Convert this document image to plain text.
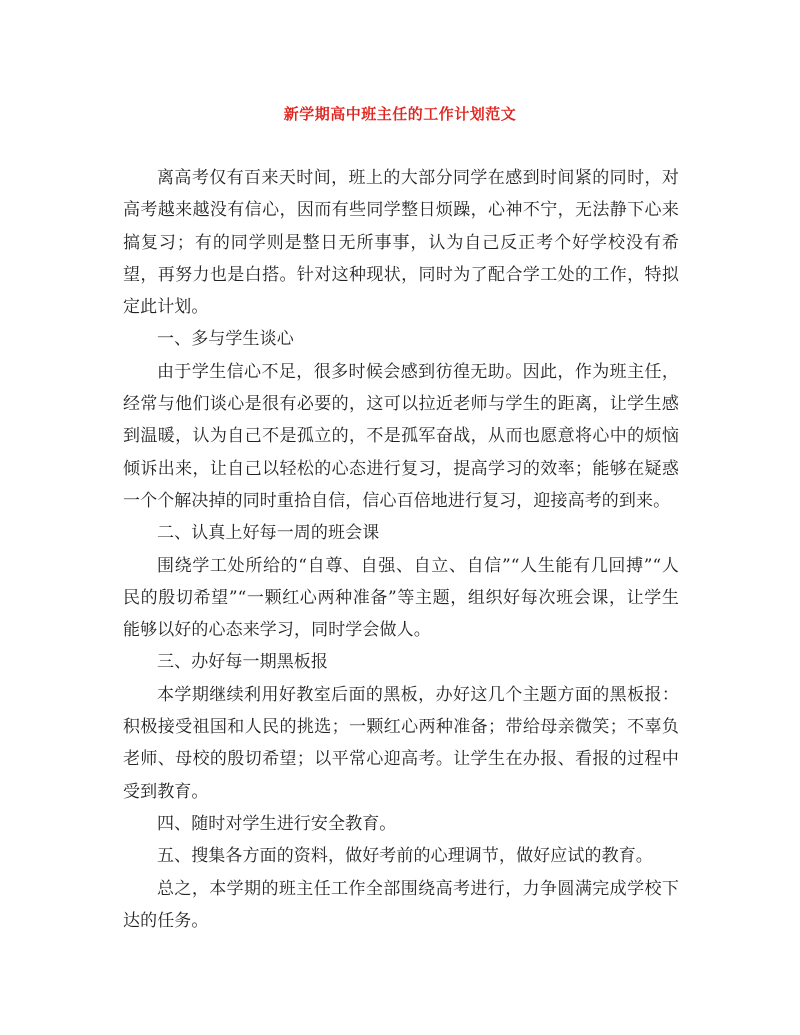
新学期高中班主任的工作计划范文

离高考仅有百来天时间，班上的大部分同学在感到时间紧的同时，对高考越来越没有信心，因而有些同学整日烦躁，心神不宁，无法静下心来搞复习；有的同学则是整日无所事事，认为自己反正考个好学校没有希望，再努力也是白搭。针对这种现状，同时为了配合学工处的工作，特拟定此计划。

一、多与学生谈心

由于学生信心不足，很多时候会感到彷徨无助。因此，作为班主任，经常与他们谈心是很有必要的，这可以拉近老师与学生的距离，让学生感到温暖，认为自己不是孤立的，不是孤军奋战，从而也愿意将心中的烦恼倾诉出来，让自己以轻松的心态进行复习，提高学习的效率；能够在疑惑一个个解决掉的同时重拾自信，信心百倍地进行复习，迎接高考的到来。

二、认真上好每一周的班会课

围绕学工处所给的“自尊、自强、自立、自信”“人生能有几回搏”“人民的殷切希望”“一颗红心两种准备”等主题，组织好每次班会课，让学生能够以好的心态来学习，同时学会做人。

三、办好每一期黑板报

本学期继续利用好教室后面的黑板，办好这几个主题方面的黑板报：积极接受祖国和人民的挑选；一颗红心两种准备；带给母亲微笑；不辜负老师、母校的殷切希望；以平常心迎高考。让学生在办报、看报的过程中受到教育。

四、随时对学生进行安全教育。

五、搜集各方面的资料，做好考前的心理调节，做好应试的教育。

总之，本学期的班主任工作全部围绕高考进行，力争圆满完成学校下达的任务。
